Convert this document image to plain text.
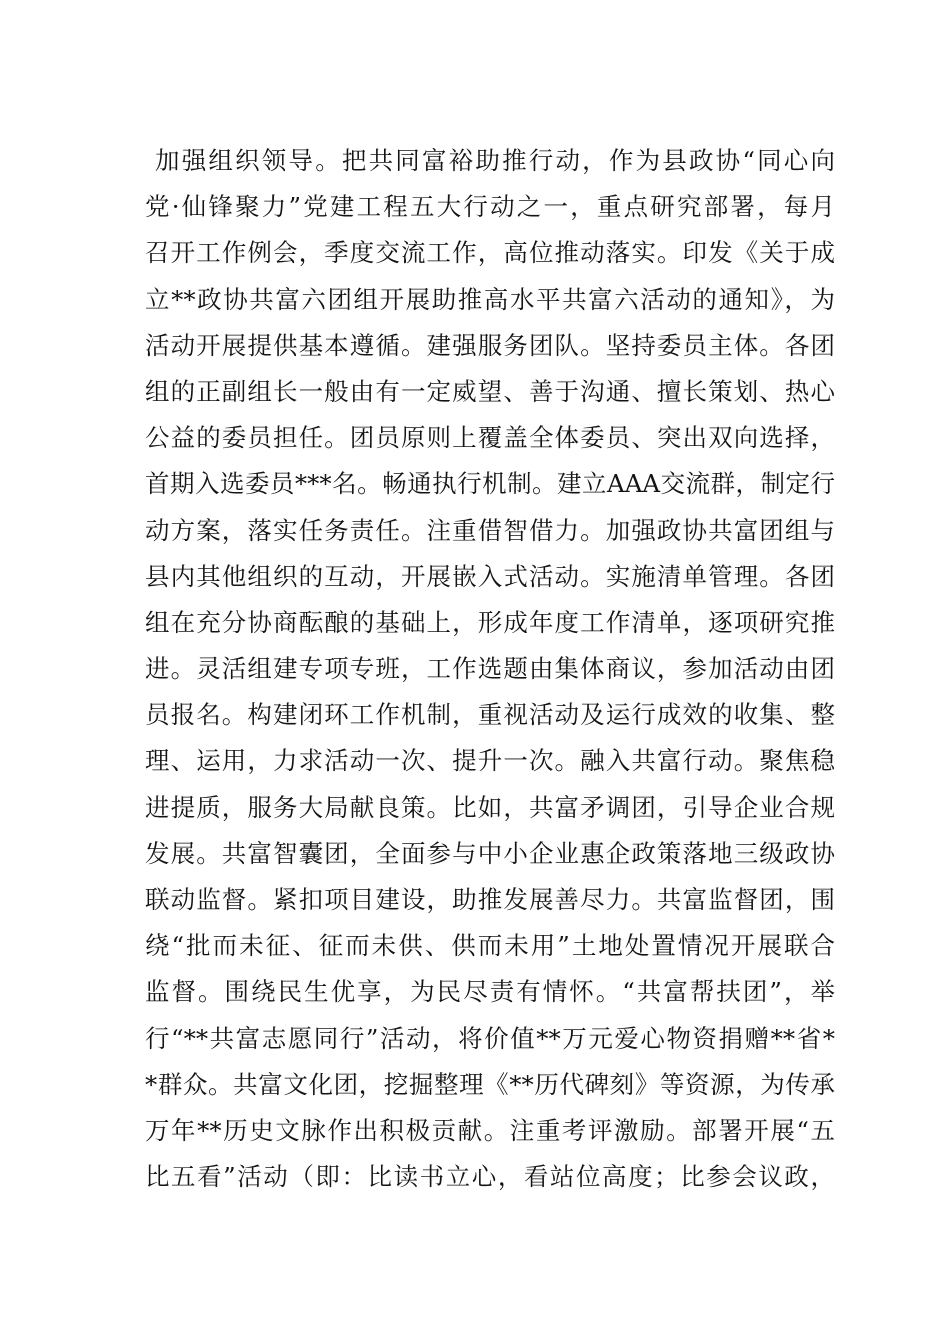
加强组织领导。把共同富裕助推行动，作为县政协“同心向
党·仙锋聚力”党建工程五大行动之一，重点研究部署，每月
召开工作例会，季度交流工作，高位推动落实。印发《关于成
立**政协共富六团组开展助推高水平共富六活动的通知》，为
活动开展提供基本遵循。建强服务团队。坚持委员主体。各团
组的正副组长一般由有一定威望、善于沟通、擅长策划、热心
公益的委员担任。团员原则上覆盖全体委员、突出双向选择，
首期入选委员***名。畅通执行机制。建立AAA交流群，制定行
动方案，落实任务责任。注重借智借力。加强政协共富团组与
县内其他组织的互动，开展嵌入式活动。实施清单管理。各团
组在充分协商酝酿的基础上，形成年度工作清单，逐项研究推
进。灵活组建专项专班，工作选题由集体商议，参加活动由团
员报名。构建闭环工作机制，重视活动及运行成效的收集、整
理、运用，力求活动一次、提升一次。融入共富行动。聚焦稳
进提质，服务大局献良策。比如，共富矛调团，引导企业合规
发展。共富智囊团，全面参与中小企业惠企政策落地三级政协
联动监督。紧扣项目建设，助推发展善尽力。共富监督团，围
绕“批而未征、征而未供、供而未用”土地处置情况开展联合
监督。围绕民生优享，为民尽责有情怀。“共富帮扶团”，举
行“**共富志愿同行”活动，将价值**万元爱心物资捐赠**省*
*群众。共富文化团，挖掘整理《**历代碑刻》等资源，为传承
万年**历史文脉作出积极贡献。注重考评激励。部署开展“五
比五看”活动（即：比读书立心，看站位高度；比参会议政，
